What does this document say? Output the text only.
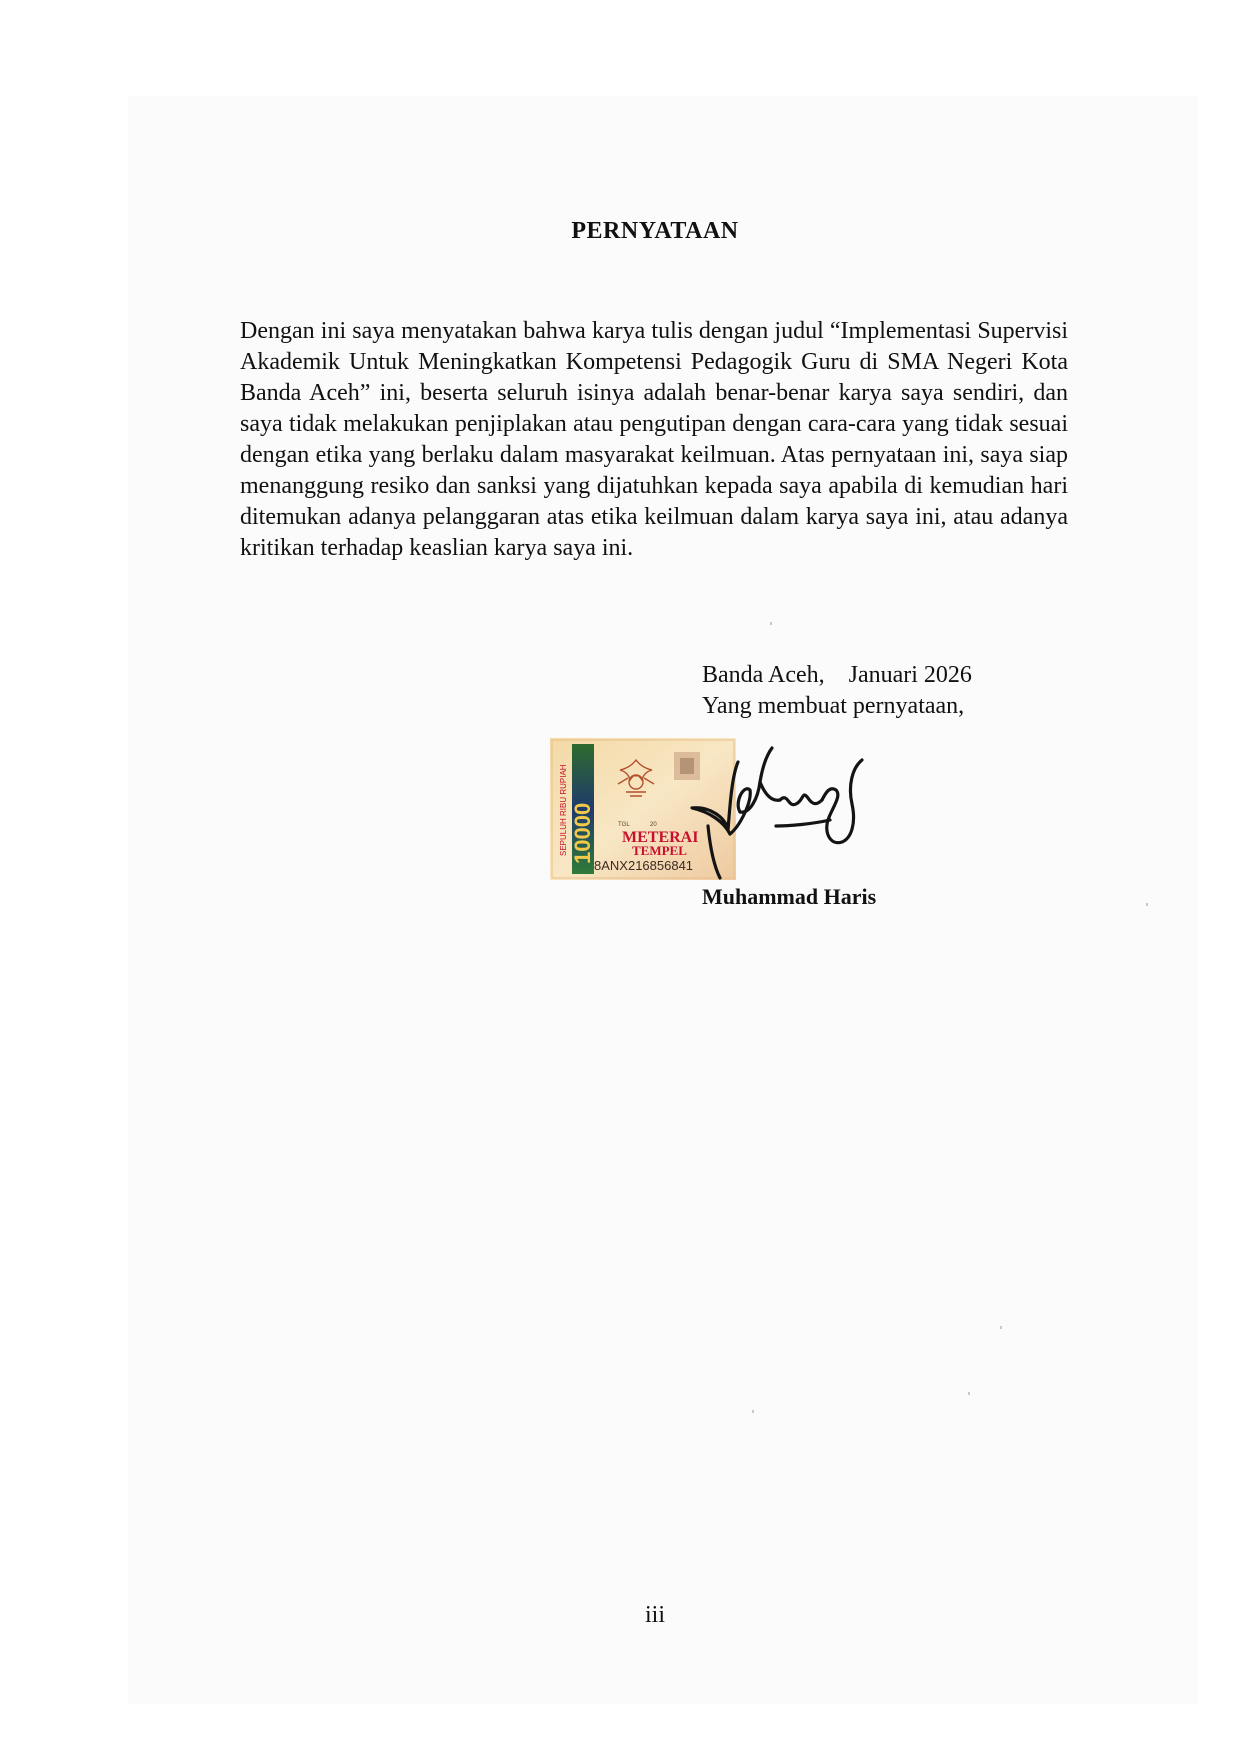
PERNYATAAN
Dengan ini saya menyatakan bahwa karya tulis dengan judul “Implementasi Supervisi Akademik Untuk Meningkatkan Kompetensi Pedagogik Guru di SMA Negeri Kota Banda Aceh” ini, beserta seluruh isinya adalah benar-benar karya saya sendiri, dan saya tidak melakukan penjiplakan atau pengutipan dengan cara-cara yang tidak sesuai dengan etika yang berlaku dalam masyarakat keilmuan. Atas pernyataan ini, saya siap menanggung resiko dan sanksi yang dijatuhkan kepada saya apabila di kemudian hari ditemukan adanya pelanggaran atas etika keilmuan dalam karya saya ini, atau adanya kritikan terhadap keaslian karya saya ini.
Banda Aceh,    Januari 2026
Yang membuat pernyataan,
SEPULUH RIBU RUPIAH 10000	TGL	20
METERAI
TEMPEL
8ANX216856841
Muhammad Haris
iii
